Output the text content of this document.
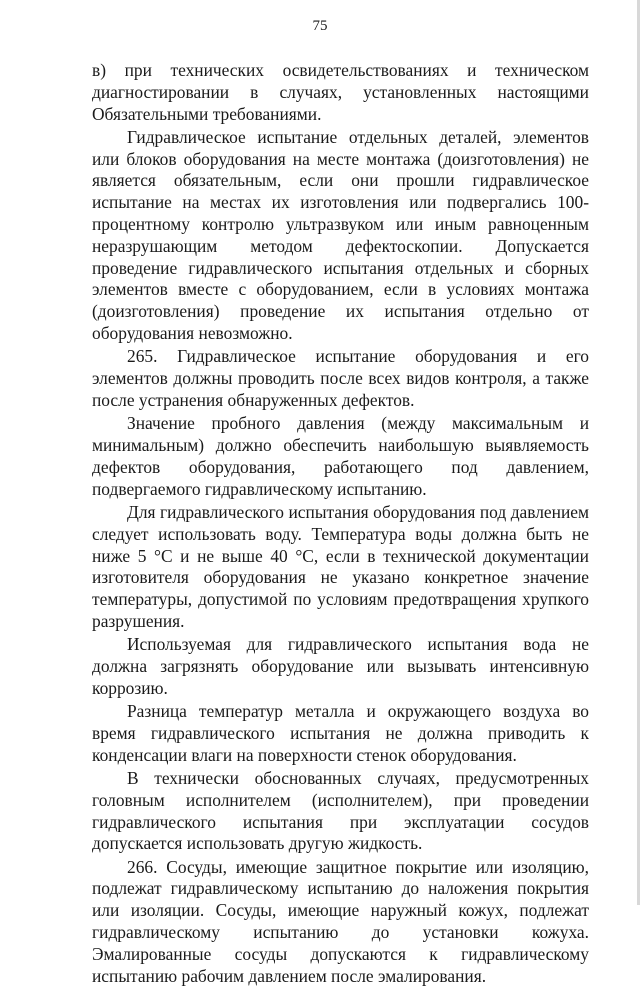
75

в) при технических освидетельствованиях и техническом диагностировании в случаях, установленных настоящими Обязательными требованиями.

Гидравлическое испытание отдельных деталей, элементов или блоков оборудования на месте монтажа (доизготовления) не является обязательным, если они прошли гидравлическое испытание на местах их изготовления или подвергались 100-процентному контролю ультразвуком или иным равноценным неразрушающим методом дефектоскопии. Допускается проведение гидравлического испытания отдельных и сборных элементов вместе с оборудованием, если в условиях монтажа (доизготовления) проведение их испытания отдельно от оборудования невозможно.

265. Гидравлическое испытание оборудования и его элементов должны проводить после всех видов контроля, а также после устранения обнаруженных дефектов.

Значение пробного давления (между максимальным и минимальным) должно обеспечить наибольшую выявляемость дефектов оборудования, работающего под давлением, подвергаемого гидравлическому испытанию.

Для гидравлического испытания оборудования под давлением следует использовать воду. Температура воды должна быть не ниже 5 °С и не выше 40 °С, если в технической документации изготовителя оборудования не указано конкретное значение температуры, допустимой по условиям предотвращения хрупкого разрушения.

Используемая для гидравлического испытания вода не должна загрязнять оборудование или вызывать интенсивную коррозию.

Разница температур металла и окружающего воздуха во время гидравлического испытания не должна приводить к конденсации влаги на поверхности стенок оборудования.

В технически обоснованных случаях, предусмотренных головным исполнителем (исполнителем), при проведении гидравлического испытания при эксплуатации сосудов допускается использовать другую жидкость.

266. Сосуды, имеющие защитное покрытие или изоляцию, подлежат гидравлическому испытанию до наложения покрытия или изоляции. Сосуды, имеющие наружный кожух, подлежат гидравлическому испытанию до установки кожуха. Эмалированные сосуды допускаются к гидравлическому испытанию рабочим давлением после эмалирования.
